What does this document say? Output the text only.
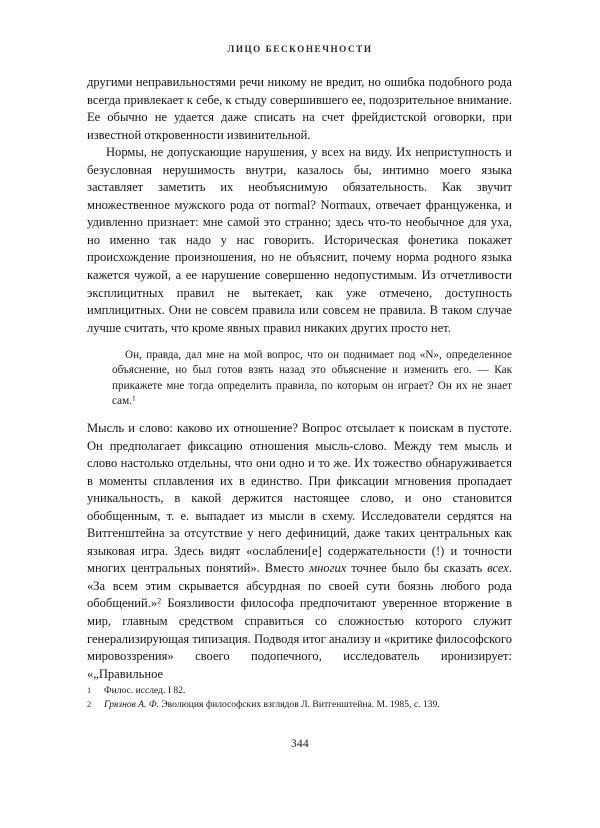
ЛИЦО БЕСКОНЕЧНОСТИ

другими неправильностями речи никому не вредит, но ошибка подобного рода всегда привлекает к себе, к стыду совершившего ее, подозрительное внимание. Ее обычно не удается даже списать на счет фрейдистской оговорки, при известной откровенности извинительной.

Нормы, не допускающие нарушения, у всех на виду. Их неприступность и безусловная нерушимость внутри, казалось бы, интимно моего языка заставляет заметить их необъяснимую обязательность. Как звучит множественное мужского рода от normal? Normaux, отвечает француженка, и удивленно признает: мне самой это странно; здесь что-то необычное для уха, но именно так надо у нас говорить. Историческая фонетика покажет происхождение произношения, но не объяснит, почему норма родного языка кажется чужой, а ее нарушение совершенно недопустимым. Из отчетливости эксплицитных правил не вытекает, как уже отмечено, доступность имплицитных. Они не совсем правила или совсем не правила. В таком случае лучше считать, что кроме явных правил никаких других просто нет.

Он, правда, дал мне на мой вопрос, что он поднимает под «N», определенное объяснение, но был готов взять назад это объяснение и изменить его. — Как прикажете мне тогда определить правила, по которым он играет? Он их не знает сам.$^1$

Мысль и слово: каково их отношение? Вопрос отсылает к поискам в пустоте. Он предполагает фиксацию отношения мысль-слово. Между тем мысль и слово настолько отдельны, что они одно и то же. Их тожество обнаруживается в моменты сплавления их в единство. При фиксации мгновения пропадает уникальность, в какой держится настоящее слово, и оно становится обобщенным, т. е. выпадает из мысли в схему. Исследователи сердятся на Витгенштейна за отсутствие у него дефиниций, даже таких центральных как языковая игра. Здесь видят «ослаблени[е] содержательности (!) и точности многих центральных понятий». Вместо многих точнее было бы сказать всех. «За всем этим скрывается абсурдная по своей сути боязнь любого рода обобщений.»$^2$ Боязливости философа предпочитают уверенное вторжение в мир, главным средством справиться со сложностью которого служит генерализирующая типизация. Подводя итог анализу и «критике философского мировоззрения» своего подопечного, исследователь иронизирует: «„Правильное

1	Филос. исслед. I 82.
2	Грязнов А. Ф. Эволюция философских взглядов Л. Витгенштейна. М. 1985, с. 139.
344
